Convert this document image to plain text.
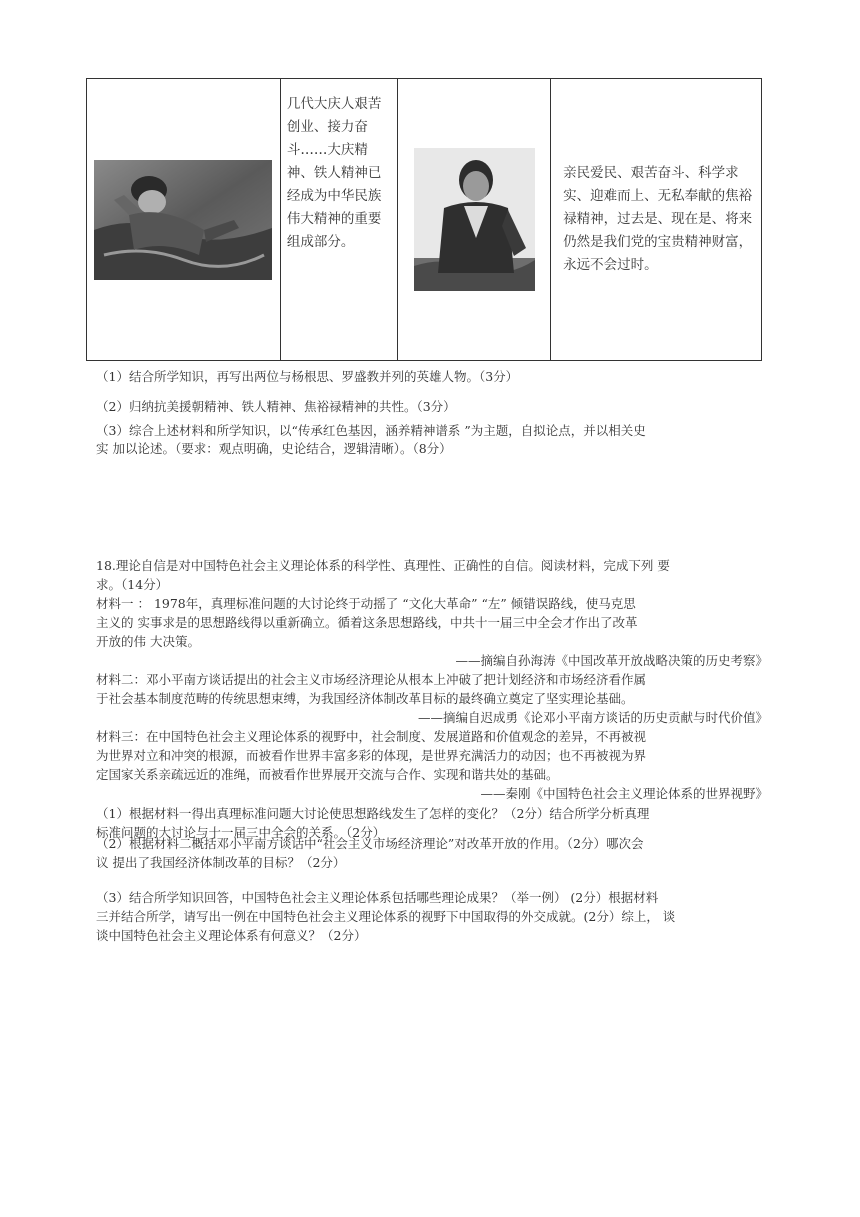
几代大庆人艰苦创业、接力奋斗……大庆精神、铁人精神已经成为中华民族伟大精神的重要组成部分。

亲民爱民、艰苦奋斗、科学求实、迎难而上、无私奉献的焦裕禄精神，过去是、现在是、将来仍然是我们党的宝贵精神财富，永远不会过时。
（1）结合所学知识，再写出两位与杨根思、罗盛教并列的英雄人物。（3分）
（2）归纳抗美援朝精神、铁人精神、焦裕禄精神的共性。（3分）
（3）综合上述材料和所学知识，以“传承红色基因，涵养精神谱系 ”为主题，自拟论点，并以相关史
实 加以论述。（要求：观点明确，史论结合，逻辑清晰）。（8分）
18.理论自信是对中国特色社会主义理论体系的科学性、真理性、正确性的自信。阅读材料，完成下列 要
求。（14分）
材料一 ： 1978年，真理标准问题的大讨论终于动摇了 “文化大革命” “左” 倾错误路线，使马克思
主义的 实事求是的思想路线得以重新确立。循着这条思想路线，中共十一届三中全会才作出了改革
开放的伟 大决策。
——摘编自孙海涛《中国改革开放战略决策的历史考察》
材料二：邓小平南方谈话提出的社会主义市场经济理论从根本上冲破了把计划经济和市场经济看作属
于社会基本制度范畴的传统思想束缚，为我国经济体制改革目标的最终确立奠定了坚实理论基础。
——摘编自迟成勇《论邓小平南方谈话的历史贡献与时代价值》
材料三：在中国特色社会主义理论体系的视野中，社会制度、发展道路和价值观念的差异，不再被视
为世界对立和冲突的根源，而被看作世界丰富多彩的体现，是世界充满活力的动因；也不再被视为界
定国家关系亲疏远近的准绳，而被看作世界展开交流与合作、实现和谐共处的基础。
——秦刚《中国特色社会主义理论体系的世界视野》
（1）根据材料一得出真理标准问题大讨论使思想路线发生了怎样的变化？（2分）结合所学分析真理
标准问题的大讨论与十一届三中全会的关系。（2分）
（2）根据材料二概括邓小平南方谈话中“社会主义市场经济理论”对改革开放的作用。（2分）哪次会
议 提出了我国经济体制改革的目标？（2分）
（3）结合所学知识回答，中国特色社会主义理论体系包括哪些理论成果？（举一例） (2分）根据材料
三并结合所学，请写出一例在中国特色社会主义理论体系的视野下中国取得的外交成就。(2分）综上， 谈
谈中国特色社会主义理论体系有何意义？（2分）
